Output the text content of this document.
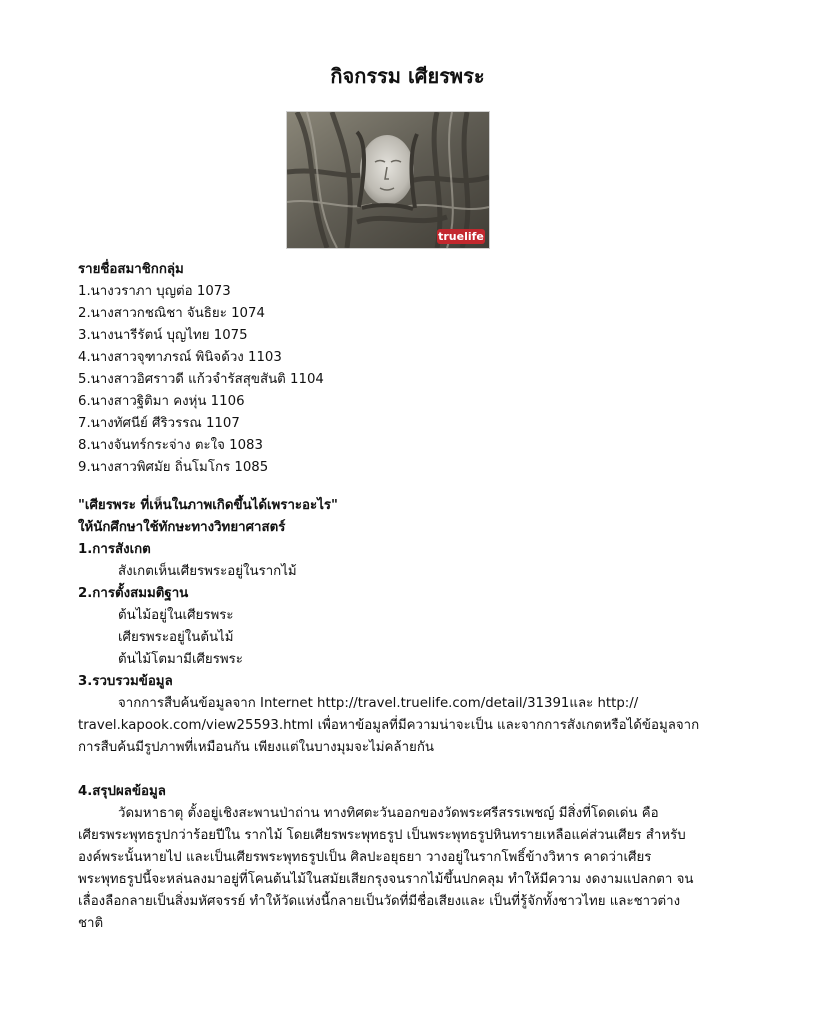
กิจกรรม เศียรพระ
truelife
รายชื่อสมาชิกกลุ่ม
1.นางวราภา บุญต่อ 1073
2.นางสาวกชณิชา จันธิยะ 1074
3.นางนารีรัตน์ บุญไทย 1075
4.นางสาวจุฑาภรณ์ พินิจด้วง 1103
5.นางสาวอิศราวดี แก้วจำรัสสุขสันติ 1104
6.นางสาวฐิติมา คงหุ่น 1106
7.นางทัศนีย์ ศีริวรรณ 1107
8.นางจันทร์กระจ่าง ตะใจ 1083
9.นางสาวพิศมัย ถิ่นโมโกร 1085
"เศียรพระ ที่เห็นในภาพเกิดขึ้นได้เพราะอะไร"
ให้นักศึกษาใช้ทักษะทางวิทยาศาสตร์
1.การสังเกต
สังเกตเห็นเศียรพระอยู่ในรากไม้
2.การตั้งสมมติฐาน
ต้นไม้อยู่ในเศียรพระ
เศียรพระอยู่ในต้นไม้
ต้นไม้โตมามีเศียรพระ
3.รวบรวมข้อมูล
จากการสืบค้นข้อมูลจาก Internet http://travel.truelife.com/detail/31391และ http://
travel.kapook.com/view25593.html เพื่อหาข้อมูลที่มีความน่าจะเป็น และจากการสังเกตหรือได้ข้อมูลจาก
การสืบค้นมีรูปภาพที่เหมือนกัน เพียงแต่ในบางมุมจะไม่คล้ายกัน
4.สรุปผลข้อมูล
วัดมหาธาตุ ตั้งอยู่เชิงสะพานป่าถ่าน ทางทิศตะวันออกของวัดพระศรีสรรเพชญ์ มีสิ่งที่โดดเด่น คือ
เศียรพระพุทธรูปกว่าร้อยปีใน รากไม้ โดยเศียรพระพุทธรูป เป็นพระพุทธรูปหินทรายเหลือแค่ส่วนเศียร สำหรับ
องค์พระนั้นหายไป และเป็นเศียรพระพุทธรูปเป็น ศิลปะอยุธยา วางอยู่ในรากโพธิ์ข้างวิหาร คาดว่าเศียร
พระพุทธรูปนี้จะหล่นลงมาอยู่ที่โคนต้นไม้ในสมัยเสียกรุงจนรากไม้ขึ้นปกคลุม ทำให้มีความ งดงามแปลกตา จน
เลื่องลือกลายเป็นสิ่งมหัศจรรย์ ทำให้วัดแห่งนี้กลายเป็นวัดที่มีชื่อเสียงและ เป็นที่รู้จักทั้งชาวไทย และชาวต่าง
ชาติ
